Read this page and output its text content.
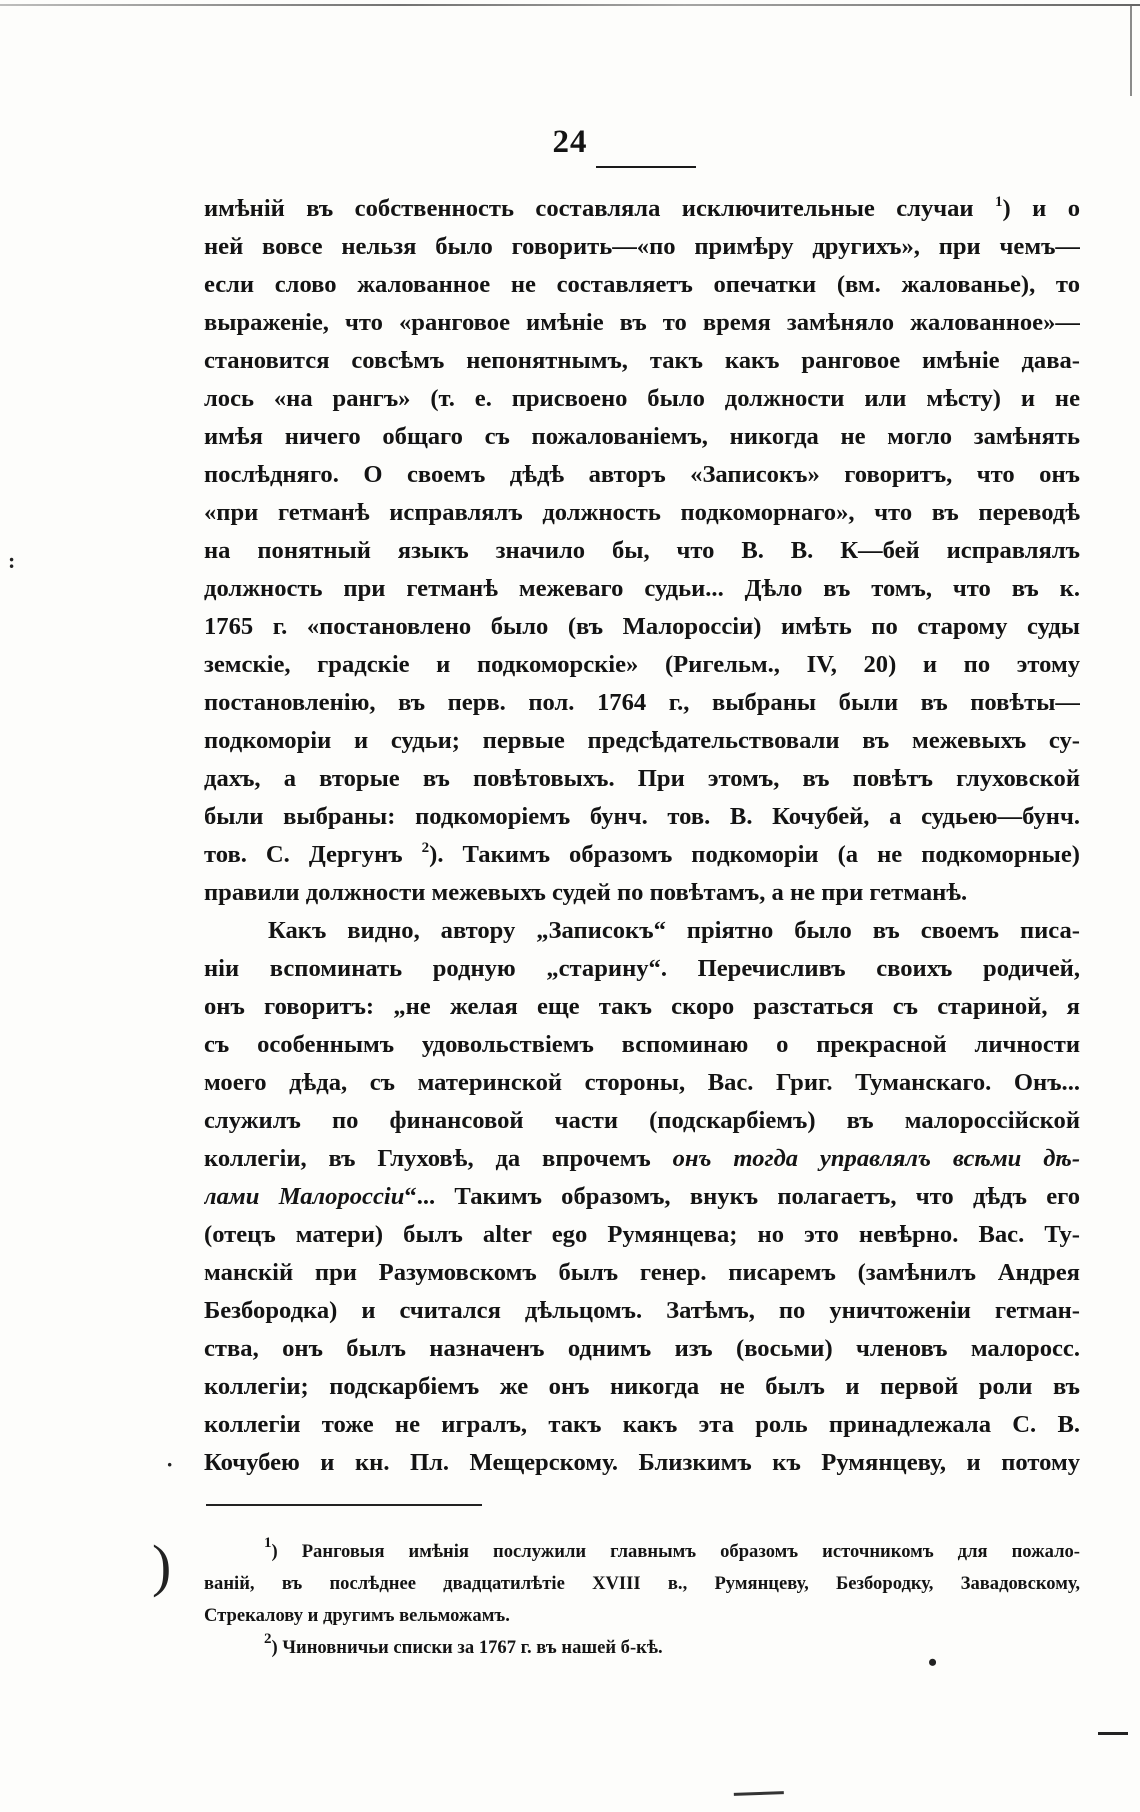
24
имѣній въ собственность составляла исключительные случаи $^1$) и о
ней вовсе нельзя было говорить—«по примѣру другихъ», при чемъ—
если слово жалованное не составляетъ опечатки (вм. жалованье), то
выраженіе, что «ранговое имѣніе въ то время замѣняло жалованное»—
становится совсѣмъ непонятнымъ, такъ какъ ранговое имѣніе дава-
лось «на рангъ» (т. е. присвоено было должности или мѣсту) и не
имѣя ничего общаго съ пожалованіемъ, никогда не могло замѣнять
послѣдняго. О своемъ дѣдѣ авторъ «Записокъ» говоритъ, что онъ
«при гетманѣ исправлялъ должность подкоморнаго», что въ переводѣ
на понятный языкъ значило бы, что В. В. К—бей исправлялъ
должность при гетманѣ межеваго судьи... Дѣло въ томъ, что въ к.
1765 г. «постановлено было (въ Малороссіи) имѣть по старому суды
земскіе, градскіе и подкоморскіе» (Ригельм., IV, 20) и по этому
постановленію, въ перв. пол. 1764 г., выбраны были въ повѣты—
подкоморіи и судьи; первые предсѣдательствовали въ межевыхъ су-
дахъ, а вторые въ повѣтовыхъ. При этомъ, въ повѣтъ глуховской
были выбраны: подкоморіемъ бунч. тов. В. Кочубей, а судьею—бунч.
тов. С. Дергунъ $^2$). Такимъ образомъ подкоморіи (а не подкоморные)
правили должности межевыхъ судей по повѣтамъ, а не при гетманѣ.
Какъ видно, автору „Записокъ“ пріятно было въ своемъ писа-
ніи вспоминать родную „старину“. Перечисливъ своихъ родичей,
онъ говоритъ: „не желая еще такъ скоро разстаться съ стариной, я
съ особеннымъ удовольствіемъ вспоминаю о прекрасной личности
моего дѣда, съ материнской стороны, Вас. Григ. Туманскаго. Онъ...
служилъ по финансовой части (подскарбіемъ) въ малороссійской
коллегіи, въ Глуховѣ, да впрочемъ онъ тогда управлялъ всѣми дѣ-
лами Малороссіи“... Такимъ образомъ, внукъ полагаетъ, что дѣдъ его
(отецъ матери) былъ alter ego Румянцева; но это невѣрно. Вас. Ту-
манскій при Разумовскомъ былъ генер. писаремъ (замѣнилъ Андрея
Безбородка) и считался дѣльцомъ. Затѣмъ, по уничтоженіи гетман-
ства, онъ былъ назначенъ однимъ изъ (восьми) членовъ малоросс.
коллегіи; подскарбіемъ же онъ никогда не былъ и первой роли въ
коллегіи тоже не игралъ, такъ какъ эта роль принадлежала С. В.
Кочубею и кн. Пл. Мещерскому. Близкимъ къ Румянцеву, и потому
$^1$) Ранговыя имѣнія послужили главнымъ образомъ источникомъ для пожало-
ваній, въ послѣднее двадцатилѣтіе XVIII в., Румянцеву, Безбородку, Завадовскому,
Стрекалову и другимъ вельможамъ.
$^2$) Чиновничьи списки за 1767 г. въ нашей б-кѣ.
:
·
)
•
